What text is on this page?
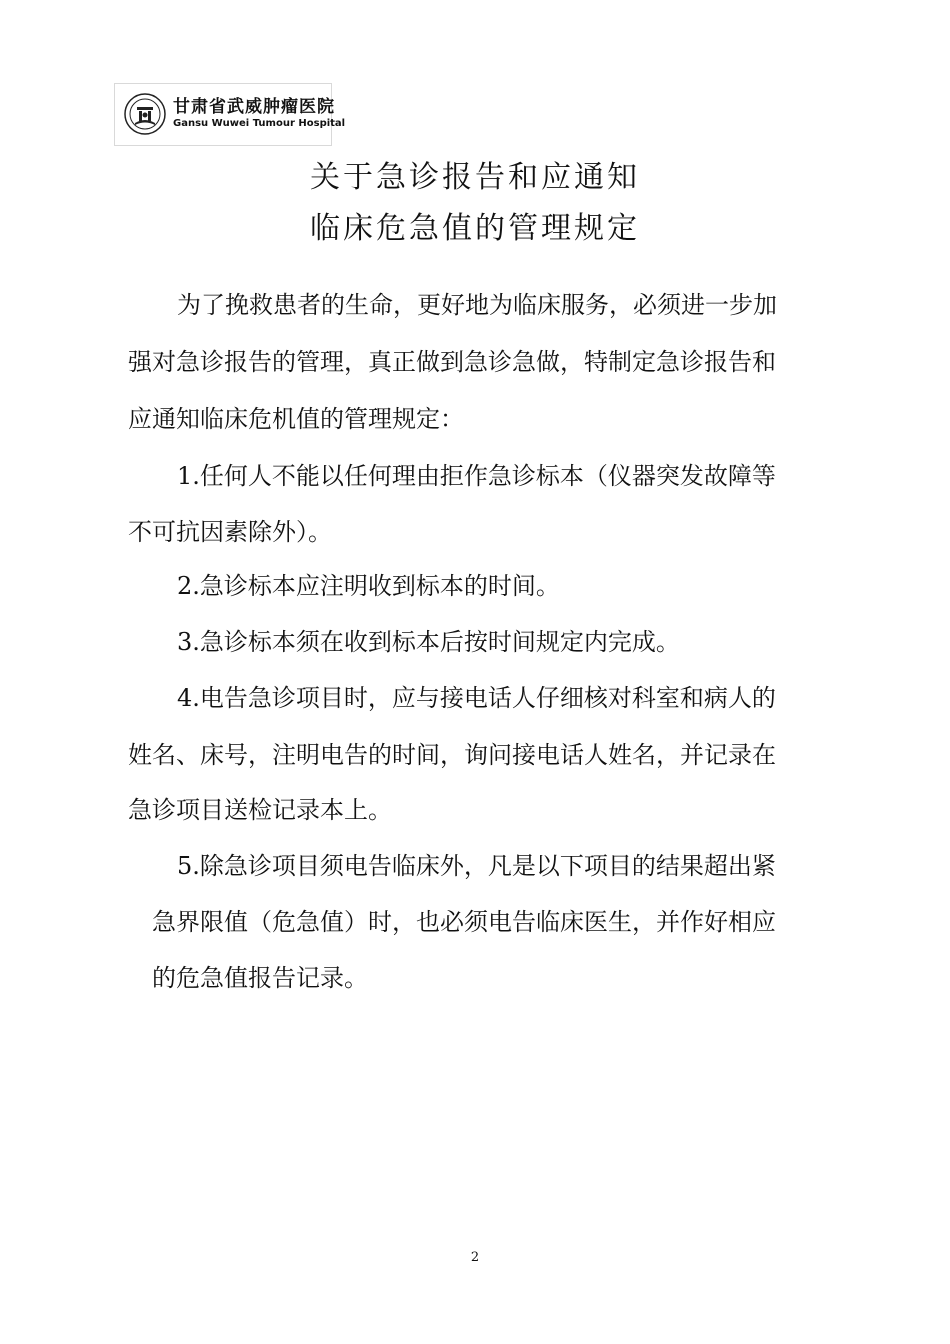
甘肃省武威肿瘤医院
Gansu Wuwei Tumour Hospital
关于急诊报告和应通知
临床危急值的管理规定
为了挽救患者的生命，更好地为临床服务，必须进一步加
强对急诊报告的管理，真正做到急诊急做，特制定急诊报告和
应通知临床危机值的管理规定：
1.任何人不能以任何理由拒作急诊标本（仪器突发故障等
不可抗因素除外）。
2.急诊标本应注明收到标本的时间。
3.急诊标本须在收到标本后按时间规定内完成。
4.电告急诊项目时，应与接电话人仔细核对科室和病人的
姓名、床号，注明电告的时间，询问接电话人姓名，并记录在
急诊项目送检记录本上。
5.除急诊项目须电告临床外，凡是以下项目的结果超出紧
急界限值（危急值）时，也必须电告临床医生，并作好相应
的危急值报告记录。
2
